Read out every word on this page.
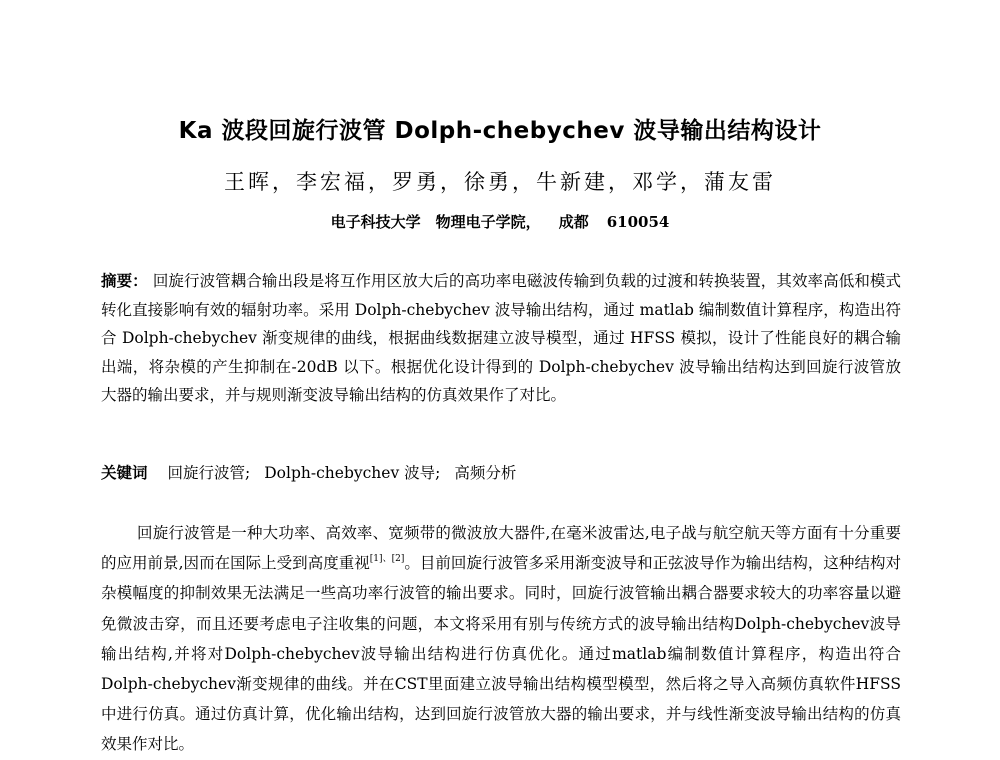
Ka 波段回旋行波管 Dolph-chebychev 波导输出结构设计
王晖，李宏福，罗勇，徐勇，牛新建，邓学，蒲友雷
电子科技大学　物理电子学院， 成都 610054
摘要： 回旋行波管耦合输出段是将互作用区放大后的高功率电磁波传输到负载的过渡和转换装置，其效率高低和模式转化直接影响有效的辐射功率。采用 Dolph-chebychev 波导输出结构，通过 matlab 编制数值计算程序，构造出符合 Dolph-chebychev 渐变规律的曲线，根据曲线数据建立波导模型，通过 HFSS 模拟，设计了性能良好的耦合输出端，将杂模的产生抑制在-20dB 以下。根据优化设计得到的 Dolph-chebychev 波导输出结构达到回旋行波管放大器的输出要求，并与规则渐变波导输出结构的仿真效果作了对比。
关键词 回旋行波管; Dolph-chebychev 波导; 高频分析
回旋行波管是一种大功率、高效率、宽频带的微波放大器件,在毫米波雷达,电子战与航空航天等方面有十分重要的应用前景,因而在国际上受到高度重视[1]、[2]。目前回旋行波管多采用渐变波导和正弦波导作为输出结构，这种结构对杂模幅度的抑制效果无法满足一些高功率行波管的输出要求。同时，回旋行波管输出耦合器要求较大的功率容量以避免微波击穿，而且还要考虑电子注收集的问题，本文将采用有别与传统方式的波导输出结构Dolph-chebychev波导输出结构,并将对Dolph-chebychev波导输出结构进行仿真优化。通过matlab编制数值计算程序，构造出符合Dolph-chebychev渐变规律的曲线。并在CST里面建立波导输出结构模型模型，然后将之导入高频仿真软件HFSS中进行仿真。通过仿真计算，优化输出结构，达到回旋行波管放大器的输出要求，并与线性渐变波导输出结构的仿真效果作对比。
